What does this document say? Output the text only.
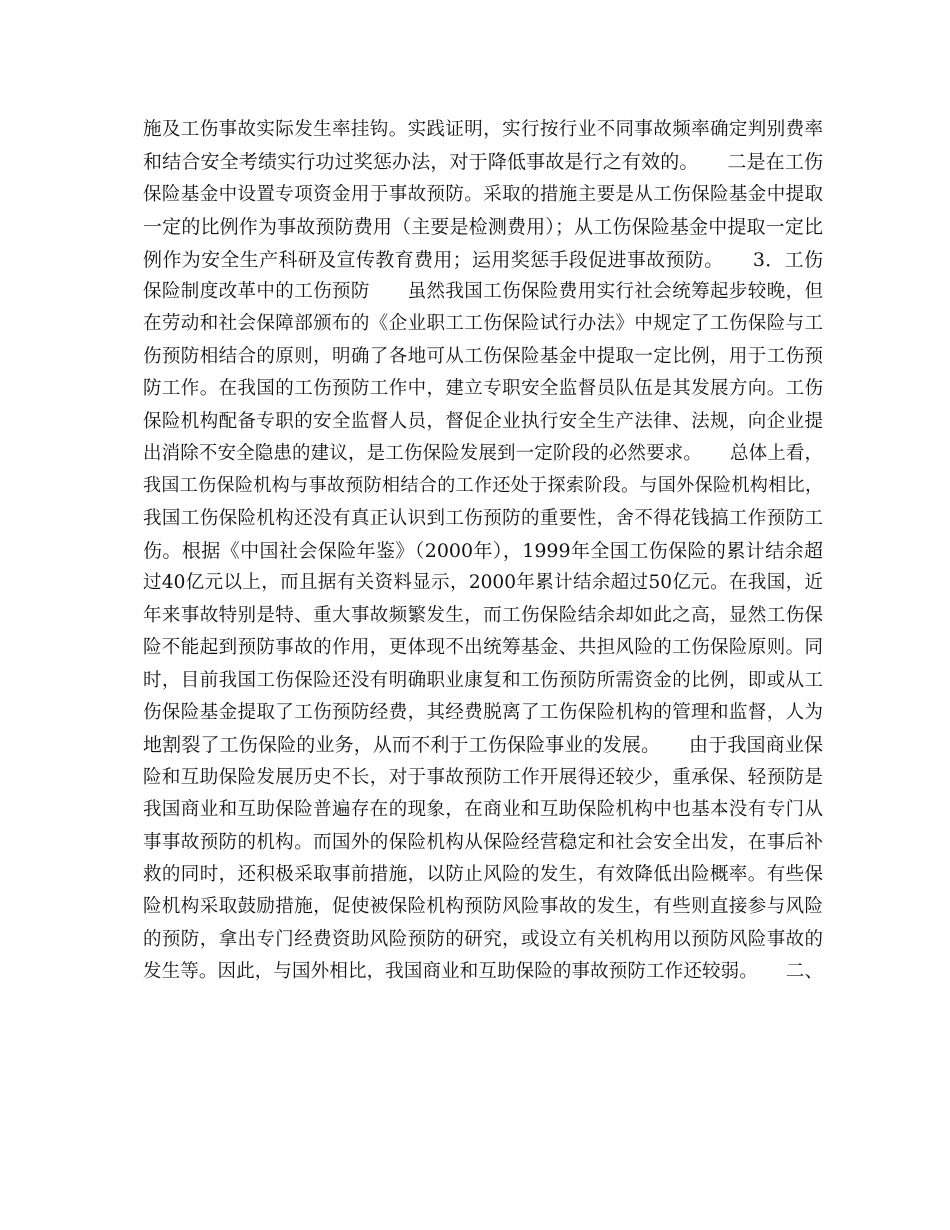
施及工伤事故实际发生率挂钩。实践证明，实行按行业不同事故频率确定判别费率
和结合安全考绩实行功过奖惩办法，对于降低事故是行之有效的。　　二是在工伤
保险基金中设置专项资金用于事故预防。采取的措施主要是从工伤保险基金中提取
一定的比例作为事故预防费用（主要是检测费用）；从工伤保险基金中提取一定比
例作为安全生产科研及宣传教育费用；运用奖惩手段促进事故预防。　　3．工伤
保险制度改革中的工伤预防　　虽然我国工伤保险费用实行社会统筹起步较晚，但
在劳动和社会保障部颁布的《企业职工工伤保险试行办法》中规定了工伤保险与工
伤预防相结合的原则，明确了各地可从工伤保险基金中提取一定比例，用于工伤预
防工作。在我国的工伤预防工作中，建立专职安全监督员队伍是其发展方向。工伤
保险机构配备专职的安全监督人员，督促企业执行安全生产法律、法规，向企业提
出消除不安全隐患的建议，是工伤保险发展到一定阶段的必然要求。　　总体上看，
我国工伤保险机构与事故预防相结合的工作还处于探索阶段。与国外保险机构相比，
我国工伤保险机构还没有真正认识到工伤预防的重要性，舍不得花钱搞工作预防工
伤。根据《中国社会保险年鉴》（2000年），1999年全国工伤保险的累计结余超
过40亿元以上，而且据有关资料显示，2000年累计结余超过50亿元。在我国，近
年来事故特别是特、重大事故频繁发生，而工伤保险结余却如此之高，显然工伤保
险不能起到预防事故的作用，更体现不出统筹基金、共担风险的工伤保险原则。同
时，目前我国工伤保险还没有明确职业康复和工伤预防所需资金的比例，即或从工
伤保险基金提取了工伤预防经费，其经费脱离了工伤保险机构的管理和监督，人为
地割裂了工伤保险的业务，从而不利于工伤保险事业的发展。　　由于我国商业保
险和互助保险发展历史不长，对于事故预防工作开展得还较少，重承保、轻预防是
我国商业和互助保险普遍存在的现象，在商业和互助保险机构中也基本没有专门从
事事故预防的机构。而国外的保险机构从保险经营稳定和社会安全出发，在事后补
救的同时，还积极采取事前措施，以防止风险的发生，有效降低出险概率。有些保
险机构采取鼓励措施，促使被保险机构预防风险事故的发生，有些则直接参与风险
的预防，拿出专门经费资助风险预防的研究，或设立有关机构用以预防风险事故的
发生等。因此，与国外相比，我国商业和互助保险的事故预防工作还较弱。　　二、
